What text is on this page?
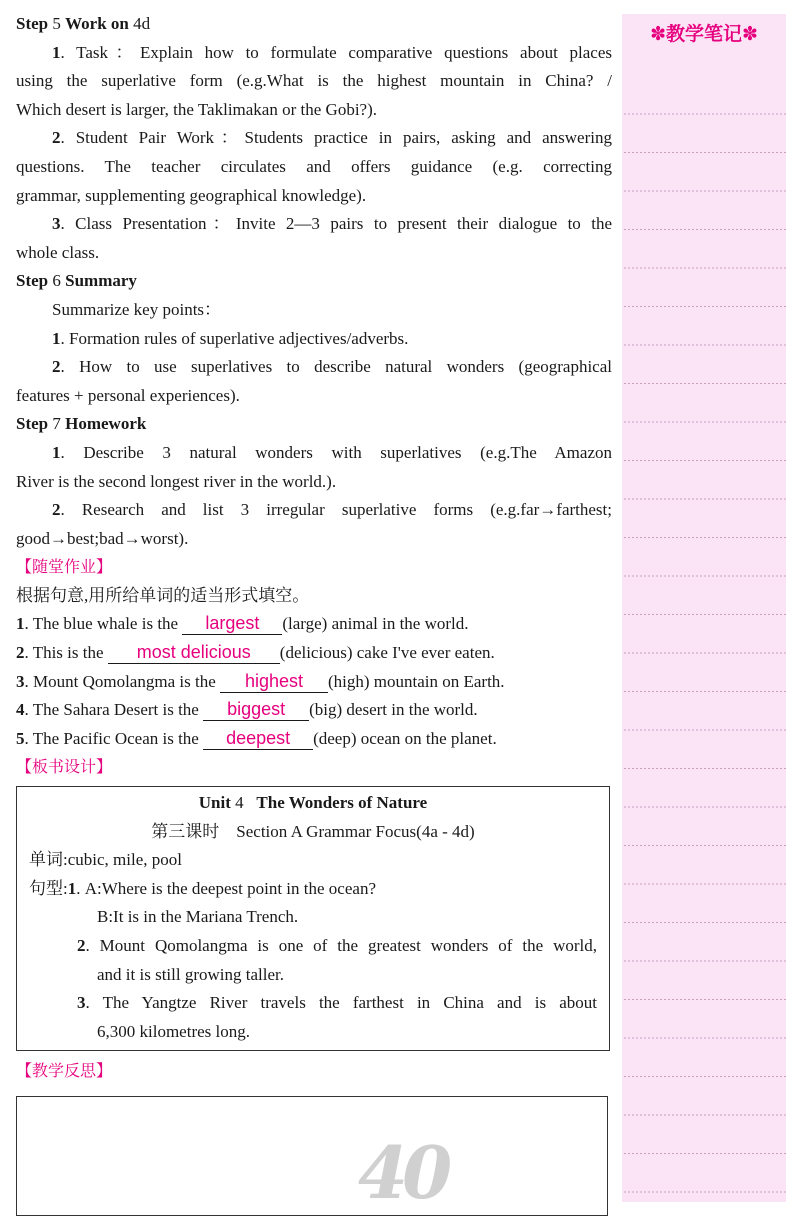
Step 5 Work on 4d
1. Task：Explain how to formulate comparative questions about places
using the superlative form (e.g.What is the highest mountain in China? /
Which desert is larger, the Taklimakan or the Gobi?).
2. Student Pair Work：Students practice in pairs, asking and answering
questions. The teacher circulates and offers guidance (e.g. correcting
grammar, supplementing geographical knowledge).
3. Class Presentation：Invite 2—3 pairs to present their dialogue to the
whole class.
Step 6 Summary
Summarize key points：
1. Formation rules of superlative adjectives/adverbs.
2. How to use superlatives to describe natural wonders (geographical
features + personal experiences).
Step 7 Homework
1. Describe 3 natural wonders with superlatives (e.g.The Amazon
River is the second longest river in the world.).
2. Research and list 3 irregular superlative forms (e.g.far→farthest;
good→best;bad→worst).
【随堂作业】
根据句意,用所给单词的适当形式填空。
1. The blue whale is the largest (large) animal in the world.
2. This is the most delicious (delicious) cake I've ever eaten.
3. Mount Qomolangma is the highest (high) mountain on Earth.
4. The Sahara Desert is the biggest (big) desert in the world.
5. The Pacific Ocean is the deepest (deep) ocean on the planet.
【板书设计】
Unit 4 The Wonders of Nature
第三课时　Section A Grammar Focus(4a - 4d)
单词:cubic, mile, pool
句型:1. A:Where is the deepest point in the ocean?
B:It is in the Mariana Trench.
2. Mount Qomolangma is one of the greatest wonders of the world,
and it is still growing taller.
3. The Yangtze River travels the farthest in China and is about
6,300 kilometres long.
【教学反思】
40
✽教学笔记✽
